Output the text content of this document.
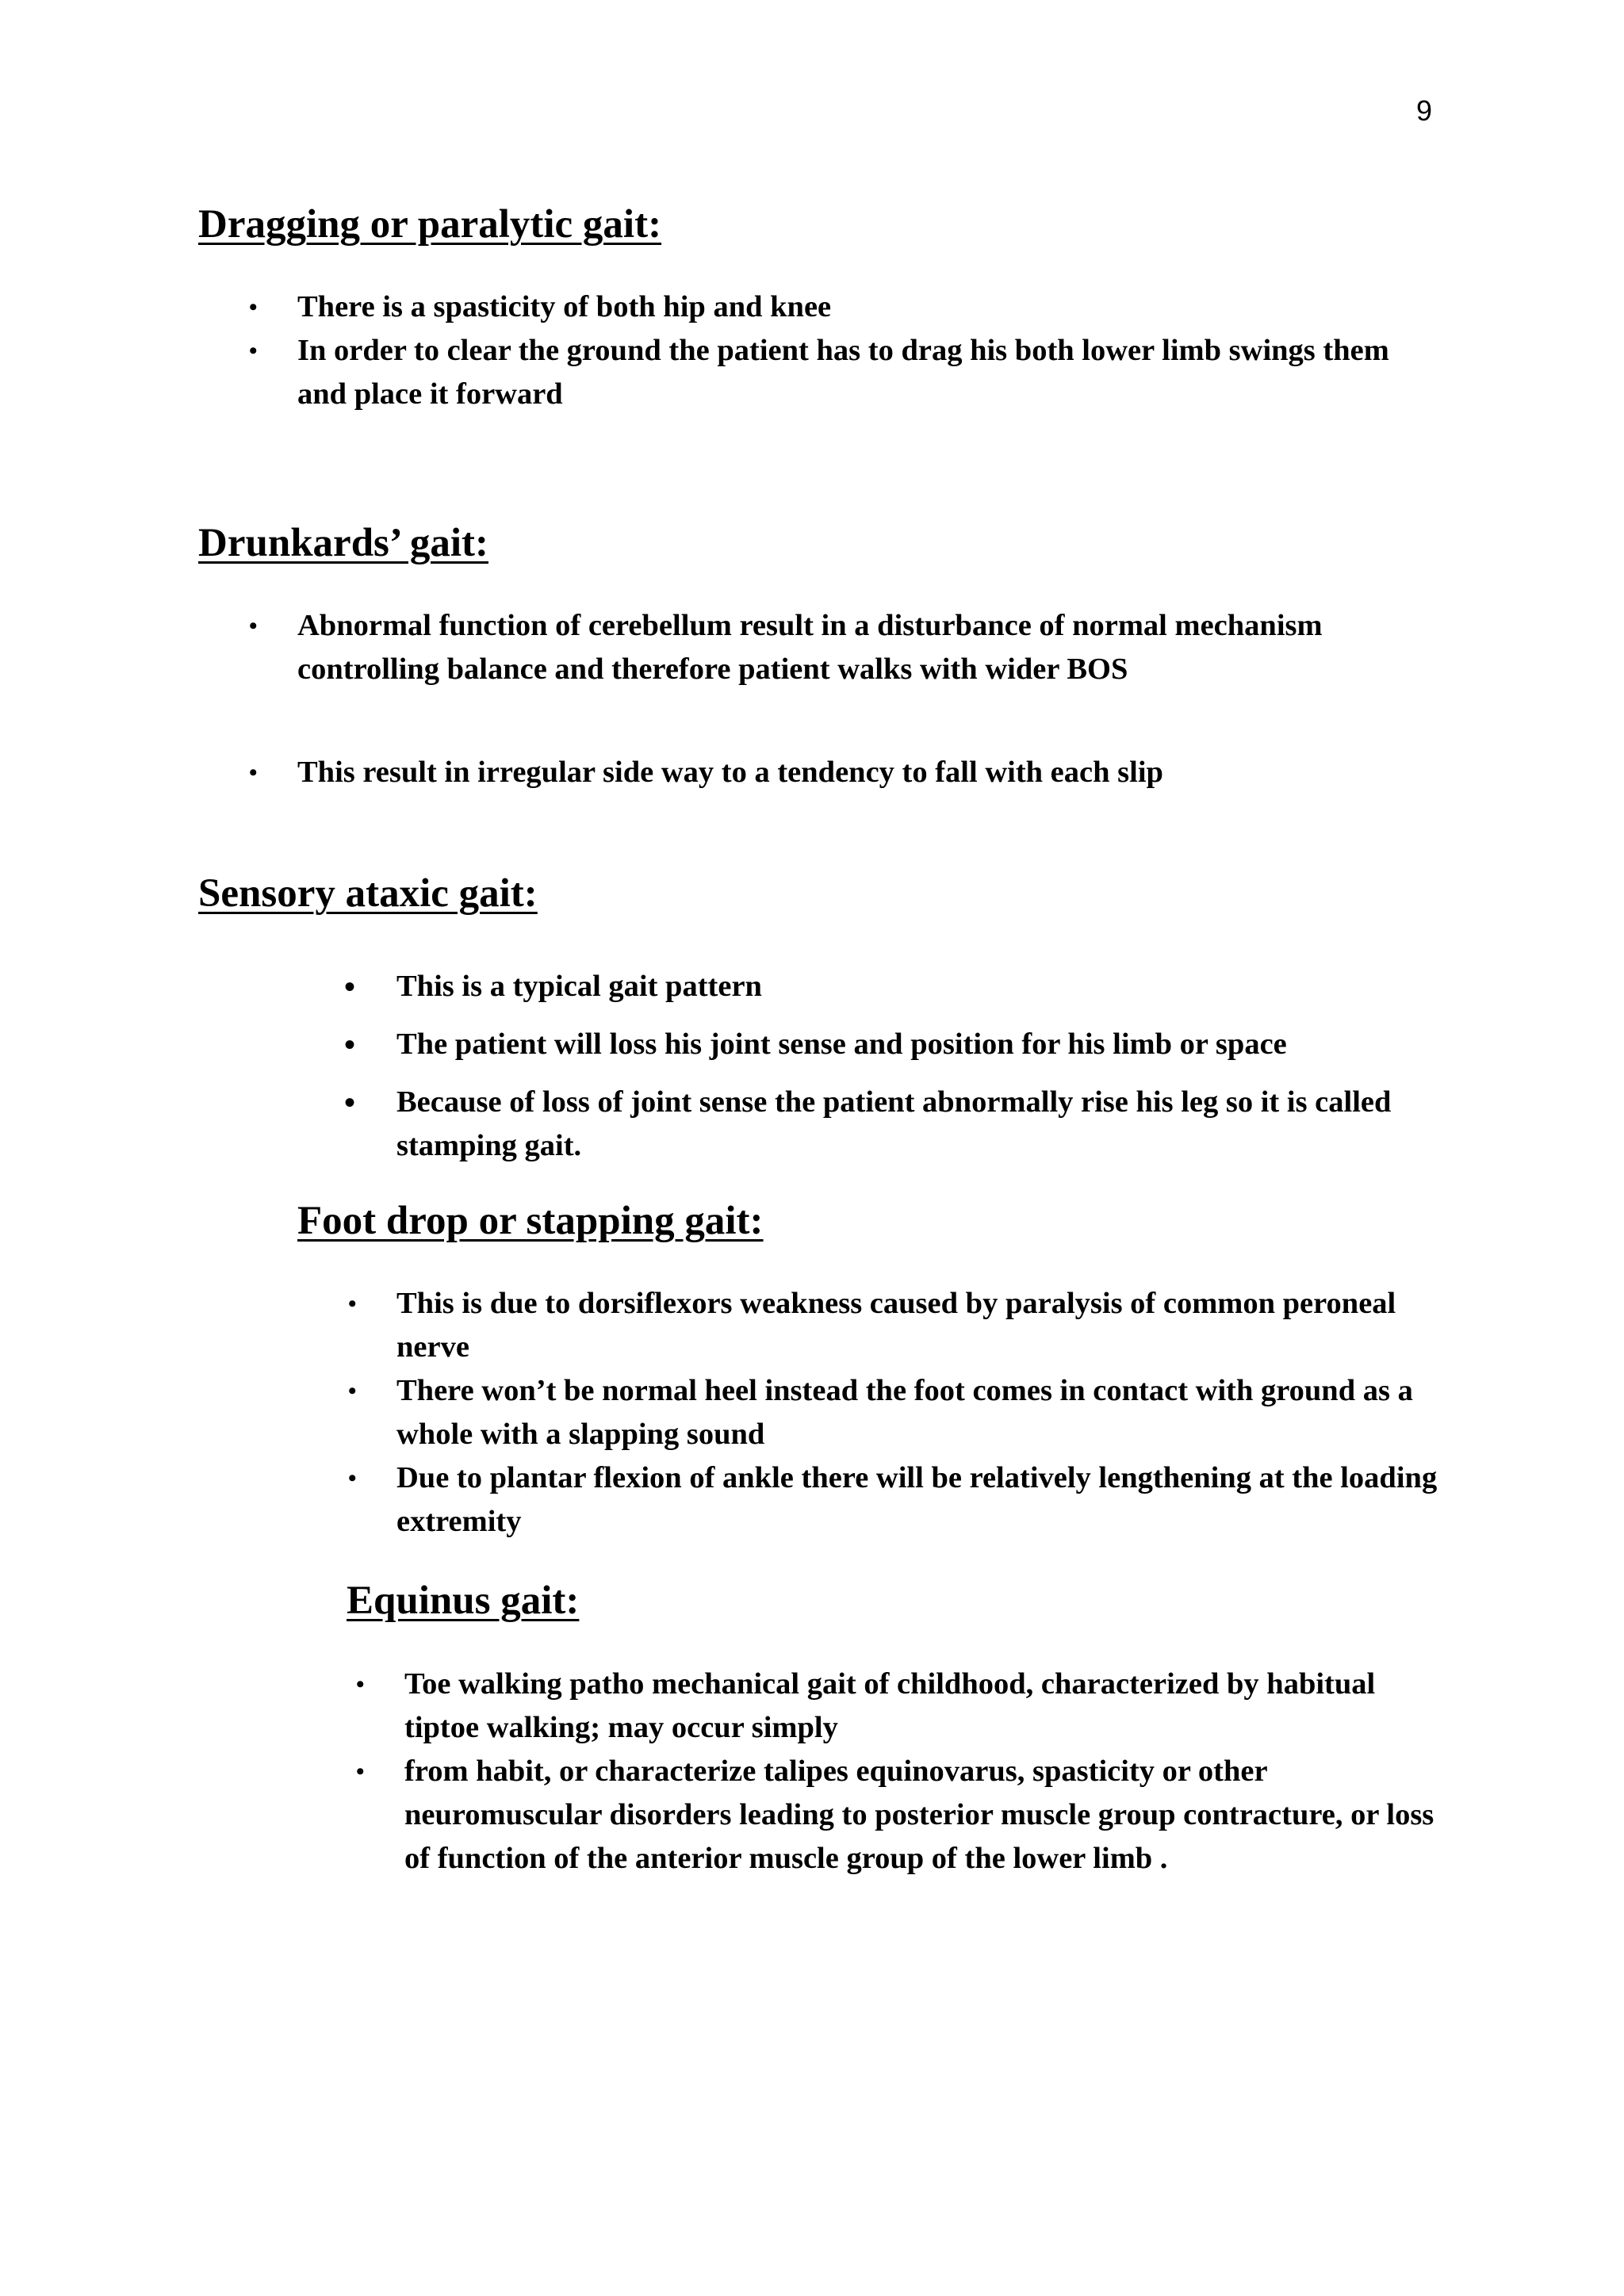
9
Dragging or paralytic gait:
• There is a spasticity of both hip and knee
• In order to clear the ground the patient has to drag his both lower limb swings them and place it forward
Drunkards’ gait:
• Abnormal function of cerebellum result in a disturbance of normal mechanism controlling balance and therefore patient walks with wider BOS
• This result in irregular side way to a tendency to fall with each slip
Sensory ataxic gait:
• This is a typical gait pattern
• The patient will loss his joint sense and position for his limb or space
• Because of loss of joint sense the patient abnormally rise his leg so it is called stamping gait.
Foot drop or stapping gait:
• This is due to dorsiflexors weakness caused by paralysis of common peroneal nerve
• There won’t be normal heel instead the foot comes in contact with ground as a whole with a slapping sound
• Due to plantar flexion of ankle there will be relatively lengthening at the loading extremity
Equinus gait:
• Toe walking patho mechanical gait of childhood, characterized by habitual tiptoe walking; may occur simply
• from habit, or characterize talipes equinovarus, spasticity or other neuromuscular disorders leading to posterior muscle group contracture, or loss of function of the anterior muscle group of the lower limb .
